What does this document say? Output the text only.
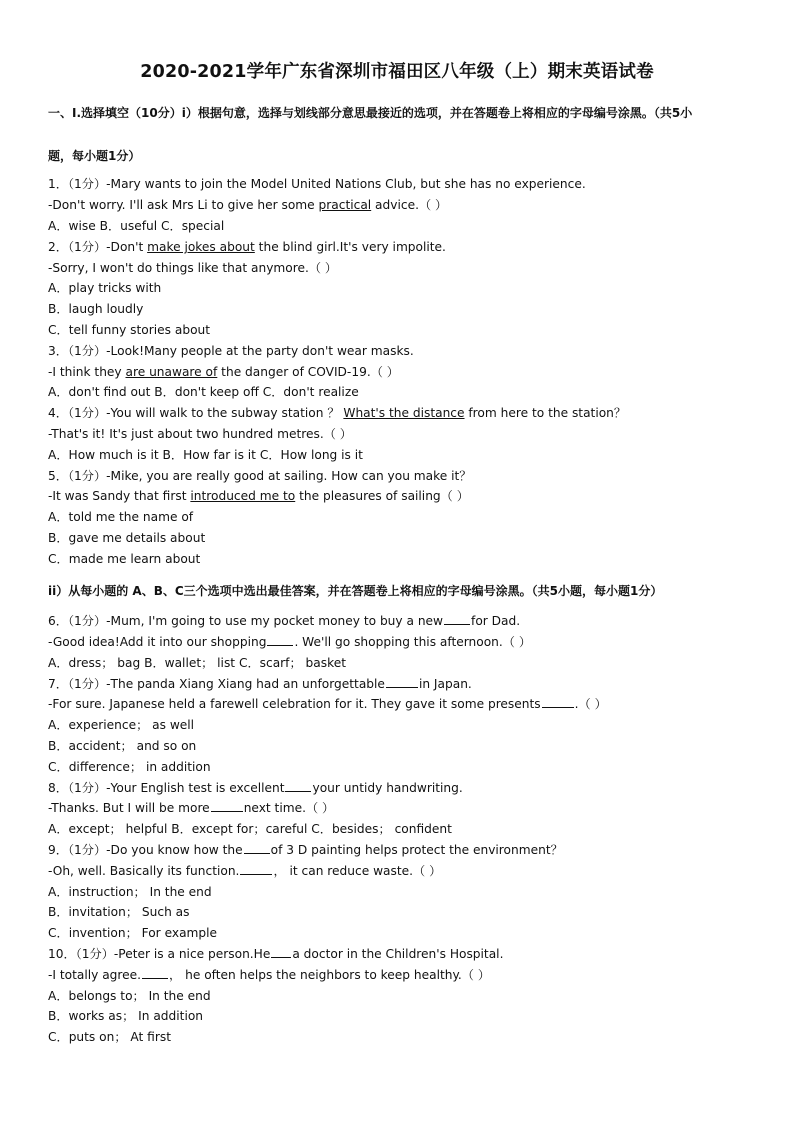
2020-2021学年广东省深圳市福田区八年级（上）期末英语试卷
一、Ⅰ.选择填空（10分）i）根据句意，选择与划线部分意思最接近的选项，并在答题卷上将相应的字母编号涂黑。（共5小
题，每小题1分）
1．（1分）-Mary wants to join the Model United Nations Club, but she has no experience.
-Don't worry. I'll ask Mrs Li to give her some practical advice.（ ）
A．wise B．useful C．special
2．（1分）-Don't make jokes about the blind girl.It's very impolite.
-Sorry, I won't do things like that anymore.（ ）
A．play tricks with
B．laugh loudly
C．tell funny stories about
3．（1分）-Look!Many people at the party don't wear masks.
-I think they are unaware of the danger of COVID-19.（ ）
A．don't find out B．don't keep off C．don't realize
4．（1分）-You will walk to the subway station ？ What's the distance from here to the station？
-That's it! It's just about two hundred metres.（ ）
A．How much is it B．How far is it C．How long is it
5．（1分）-Mike, you are really good at sailing. How can you make it？
-It was Sandy that first introduced me to the pleasures of sailing（ ）
A．told me the name of
B．gave me details about
C．made me learn about
ii）从每小题的 A、B、C三个选项中选出最佳答案，并在答题卷上将相应的字母编号涂黑。（共5小题，每小题1分）
6．（1分）-Mum, I'm going to use my pocket money to buy a new for Dad.
-Good idea!Add it into our shopping . We'll go shopping this afternoon.（ ）
A．dress； bag B．wallet； list C．scarf； basket
7．（1分）-The panda Xiang Xiang had an unforgettable	in Japan.
-For sure. Japanese held a farewell celebration for it. They gave it some presents	.（ ）
A．experience； as well
B．accident； and so on
C．difference； in addition
8．（1分）-Your English test is excellent your untidy handwriting.
-Thanks. But I will be more	next time.（ ）
A．except； helpful B．except for；careful C．besides； confident
9．（1分）-Do you know how the of 3 D painting helps protect the environment？
-Oh, well. Basically its function.	， it can reduce waste.（ ）
A．instruction； In the end
B．invitation； Such as
C．invention； For example
10．（1分）-Peter is a nice person.He a doctor in the Children's Hospital.
-I totally agree. ， he often helps the neighbors to keep healthy.（ ）
A．belongs to； In the end
B．works as； In addition
C．puts on； At first
